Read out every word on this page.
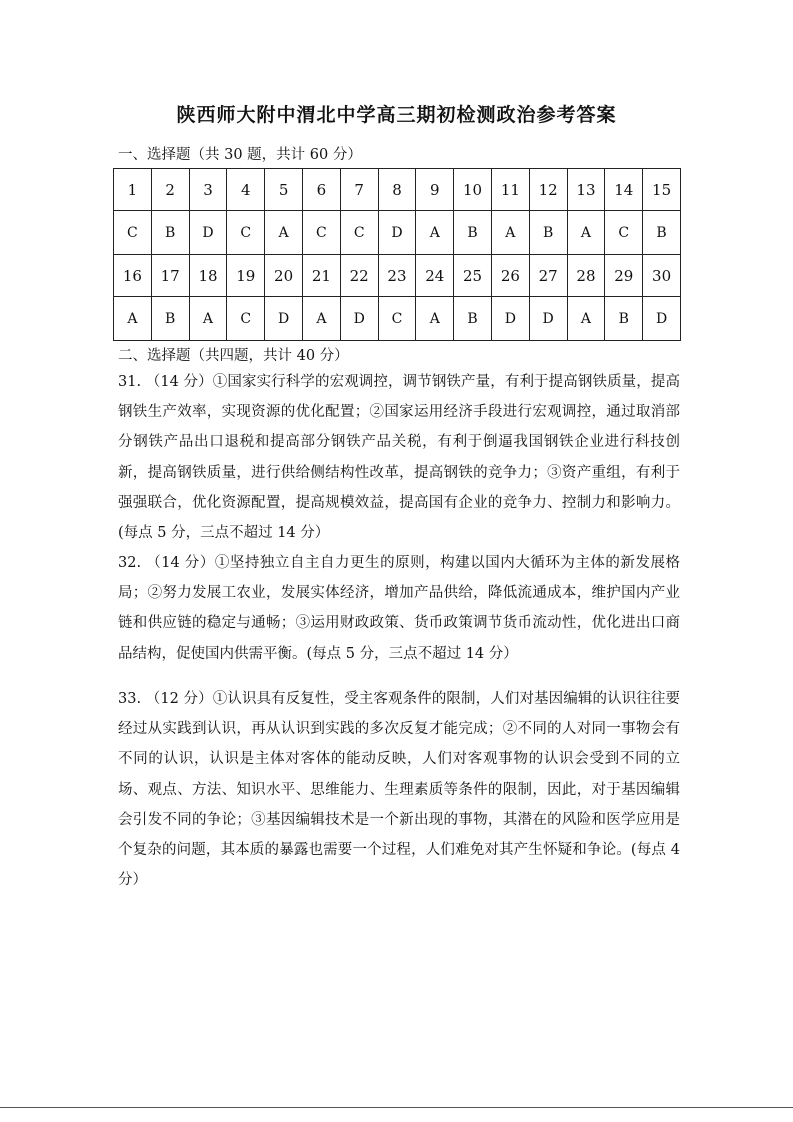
陕西师大附中渭北中学高三期初检测政治参考答案
一、选择题（共 30 题，共计 60 分）
1	2	3	4	5	6	7	8	9	10	11	12	13	14	15
C	B	D	C	A	C	C	D	A	B	A	B	A	C	B
16	17	18	19	20	21	22	23	24	25	26	27	28	29	30
A	B	A	C	D	A	D	C	A	B	D	D	A	B	D
二、选择题（共四题，共计 40 分）
31. （14 分）①国家实行科学的宏观调控，调节钢铁产量，有利于提高钢铁质量，提高钢铁生产效率，实现资源的优化配置；②国家运用经济手段进行宏观调控，通过取消部分钢铁产品出口退税和提高部分钢铁产品关税，有利于倒逼我国钢铁企业进行科技创新，提高钢铁质量，进行供给侧结构性改革，提高钢铁的竞争力；③资产重组，有利于强强联合，优化资源配置，提高规模效益，提高国有企业的竞争力、控制力和影响力。(每点 5 分，三点不超过 14 分）
32. （14 分）①坚持独立自主自力更生的原则，构建以国内大循环为主体的新发展格局；②努力发展工农业，发展实体经济，增加产品供给，降低流通成本，维护国内产业链和供应链的稳定与通畅；③运用财政政策、货币政策调节货币流动性，优化进出口商品结构，促使国内供需平衡。(每点 5 分，三点不超过 14 分）
33. （12 分）①认识具有反复性，受主客观条件的限制，人们对基因编辑的认识往往要经过从实践到认识，再从认识到实践的多次反复才能完成；②不同的人对同一事物会有不同的认识，认识是主体对客体的能动反映，人们对客观事物的认识会受到不同的立场、观点、方法、知识水平、思维能力、生理素质等条件的限制，因此，对于基因编辑会引发不同的争论；③基因编辑技术是一个新出现的事物，其潜在的风险和医学应用是个复杂的问题，其本质的暴露也需要一个过程，人们难免对其产生怀疑和争论。(每点 4 分）
